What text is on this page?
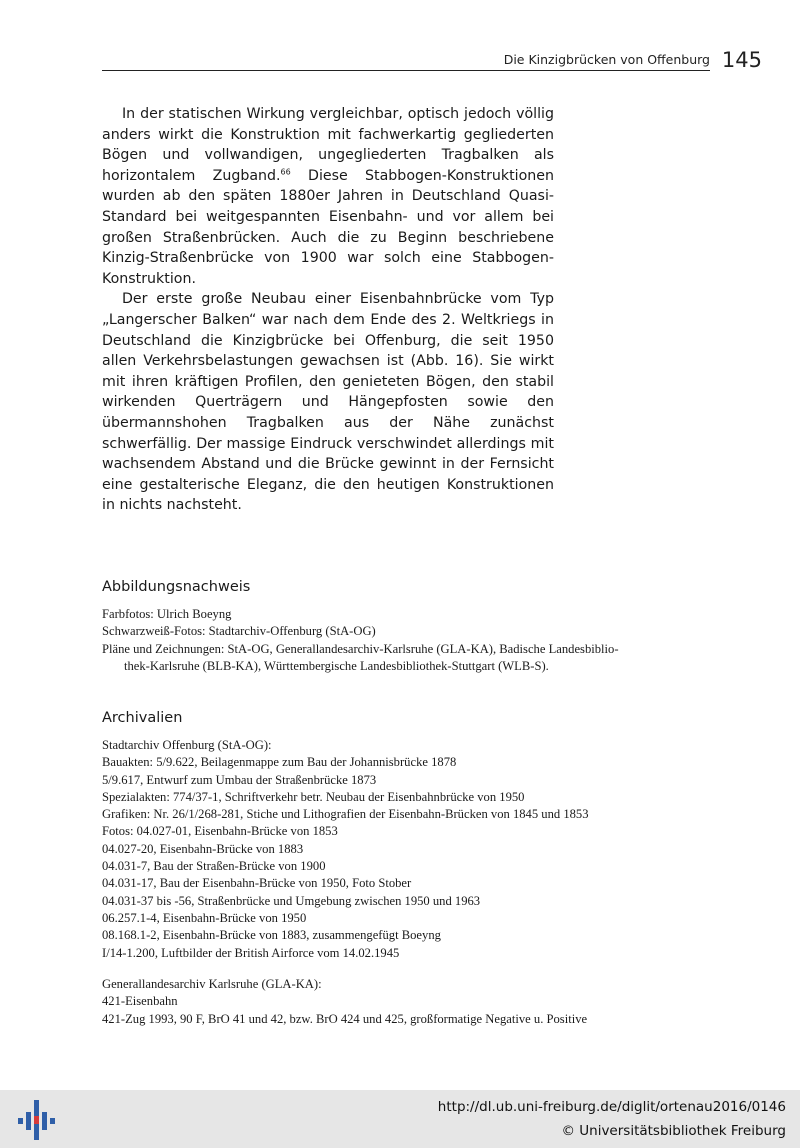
Die Kinzigbrücken von Offenburg 145

In der statischen Wirkung vergleichbar, optisch jedoch völlig anders wirkt die Konstruktion mit fachwerkartig gegliederten Bögen und vollwandigen, ungegliederten Tragbalken als horizontalem Zugband.$^{66}$ Diese Stabbogen-Konstruktionen wurden ab den späten 1880er Jahren in Deutschland Quasi-Standard bei weitgespannten Eisenbahn- und vor allem bei großen Straßenbrücken. Auch die zu Beginn beschriebene Kinzig-Straßenbrücke von 1900 war solch eine Stabbogen-Konstruktion.

Der erste große Neubau einer Eisenbahnbrücke vom Typ „Langerscher Balken“ war nach dem Ende des 2. Weltkriegs in Deutschland die Kinzigbrücke bei Offenburg, die seit 1950 allen Verkehrsbelastungen gewachsen ist (Abb. 16). Sie wirkt mit ihren kräftigen Profilen, den genieteten Bögen, den stabil wirkenden Querträgern und Hängepfosten sowie den übermannshohen Tragbalken aus der Nähe zunächst schwerfällig. Der massige Eindruck verschwindet allerdings mit wachsendem Abstand und die Brücke gewinnt in der Fernsicht eine gestalterische Eleganz, die den heutigen Konstruktionen in nichts nachsteht.

Abbildungsnachweis
Farbfotos: Ulrich Boeyng
Schwarzweiß-Fotos: Stadtarchiv-Offenburg (StA-OG)
Pläne und Zeichnungen: StA-OG, Generallandesarchiv-Karlsruhe (GLA-KA), Badische Landesbiblio-
thek-Karlsruhe (BLB-KA), Württembergische Landesbibliothek-Stuttgart (WLB-S).
Archivalien
Stadtarchiv Offenburg (StA-OG):
Bauakten: 5/9.622, Beilagenmappe zum Bau der Johannisbrücke 1878
5/9.617, Entwurf zum Umbau der Straßenbrücke 1873
Spezialakten: 774/37-1, Schriftverkehr betr. Neubau der Eisenbahnbrücke von 1950
Grafiken: Nr. 26/1/268-281, Stiche und Lithografien der Eisenbahn-Brücken von 1845 und 1853
Fotos: 04.027-01, Eisenbahn-Brücke von 1853
04.027-20, Eisenbahn-Brücke von 1883
04.031-7, Bau der Straßen-Brücke von 1900
04.031-17, Bau der Eisenbahn-Brücke von 1950, Foto Stober
04.031-37 bis -56, Straßenbrücke und Umgebung zwischen 1950 und 1963
06.257.1-4, Eisenbahn-Brücke von 1950
08.168.1-2, Eisenbahn-Brücke von 1883, zusammengefügt Boeyng
I/14-1.200, Luftbilder der British Airforce vom 14.02.1945
Generallandesarchiv Karlsruhe (GLA-KA):
421-Eisenbahn
421-Zug 1993, 90 F, BrO 41 und 42, bzw. BrO 424 und 425, großformatige Negative u. Positive
http://dl.ub.uni-freiburg.de/diglit/ortenau2016/0146
© Universitätsbibliothek Freiburg
